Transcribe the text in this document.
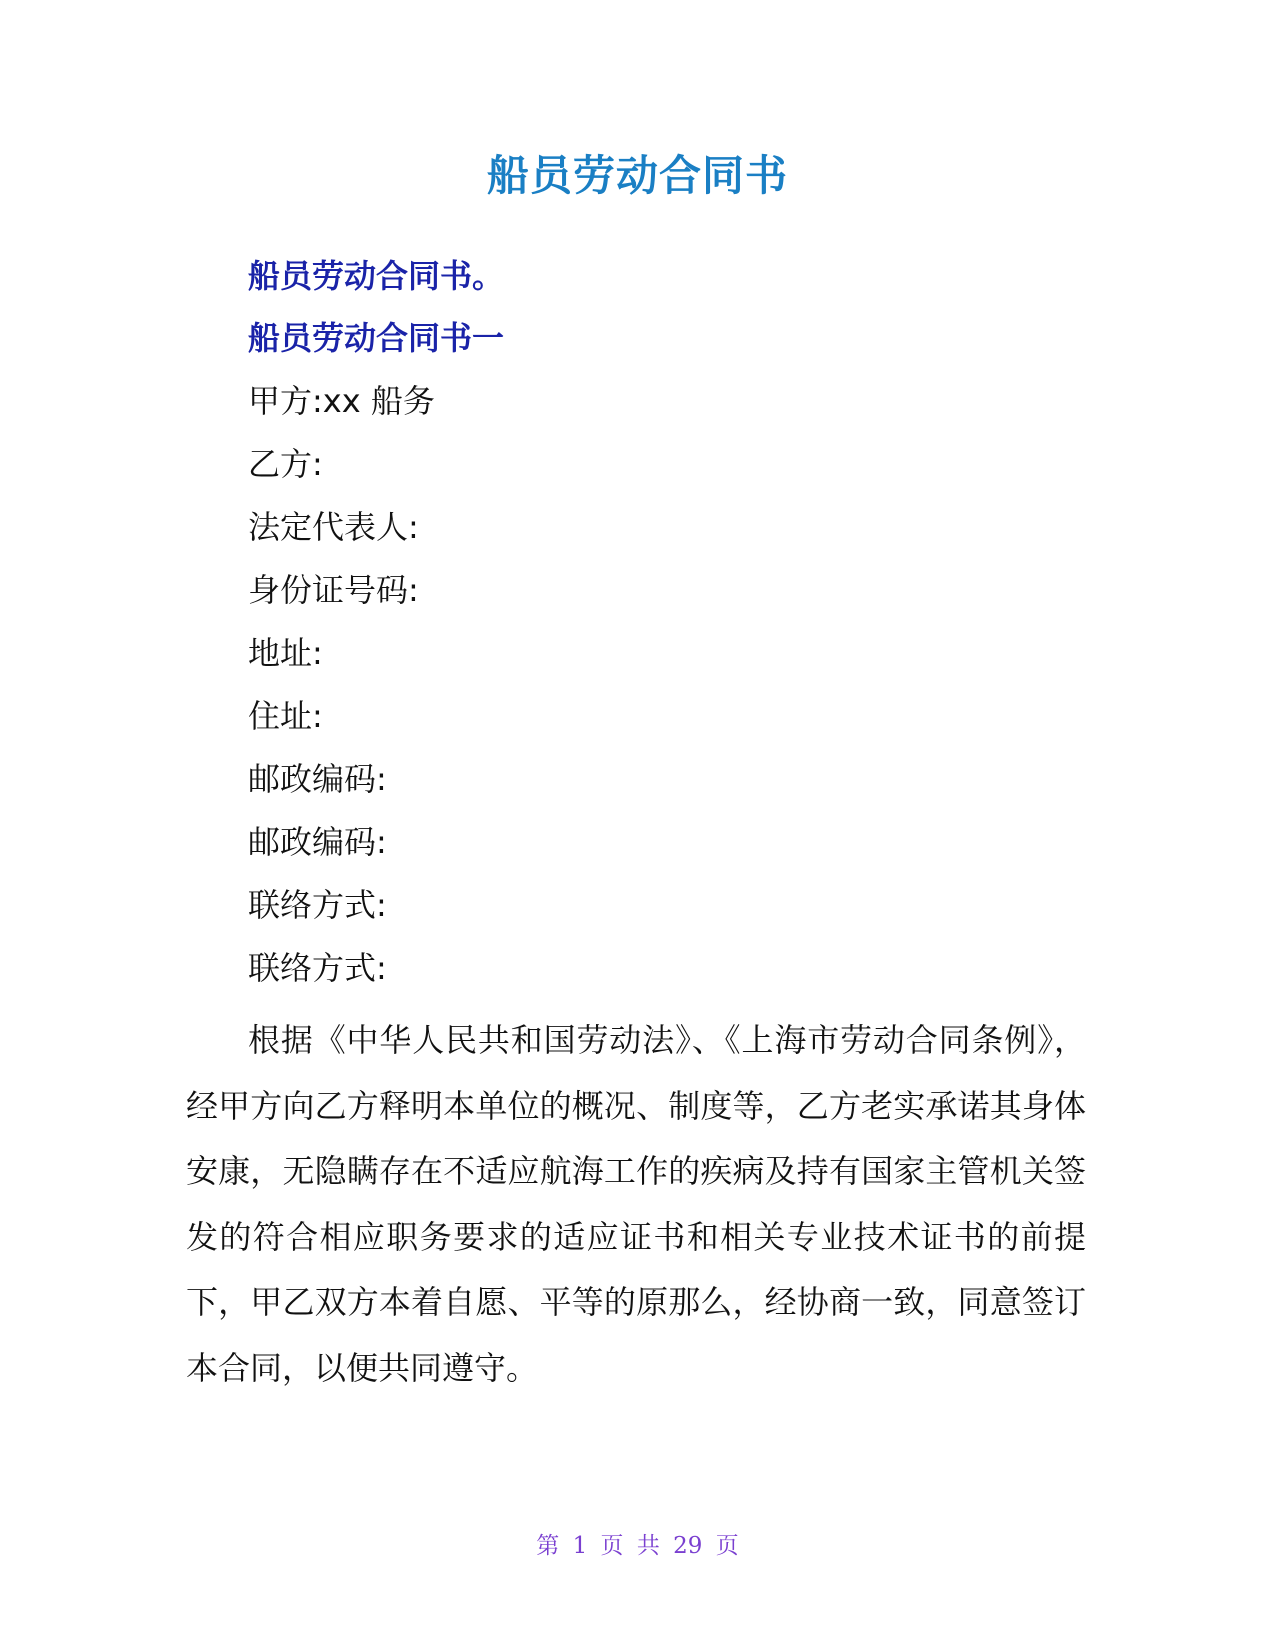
船员劳动合同书
船员劳动合同书。
船员劳动合同书一
甲方:xx 船务
乙方:
法定代表人:
身份证号码:
地址:
住址:
邮政编码:
邮政编码:
联络方式:
联络方式:
根据《中华人民共和国劳动法》、《上海市劳动合同条例》，经甲方向乙方释明本单位的概况、制度等，乙方老实承诺其身体安康，无隐瞒存在不适应航海工作的疾病及持有国家主管机关签发的符合相应职务要求的适应证书和相关专业技术证书的前提下，甲乙双方本着自愿、平等的原那么，经协商一致，同意签订本合同，以便共同遵守。
第 1 页 共 29 页
